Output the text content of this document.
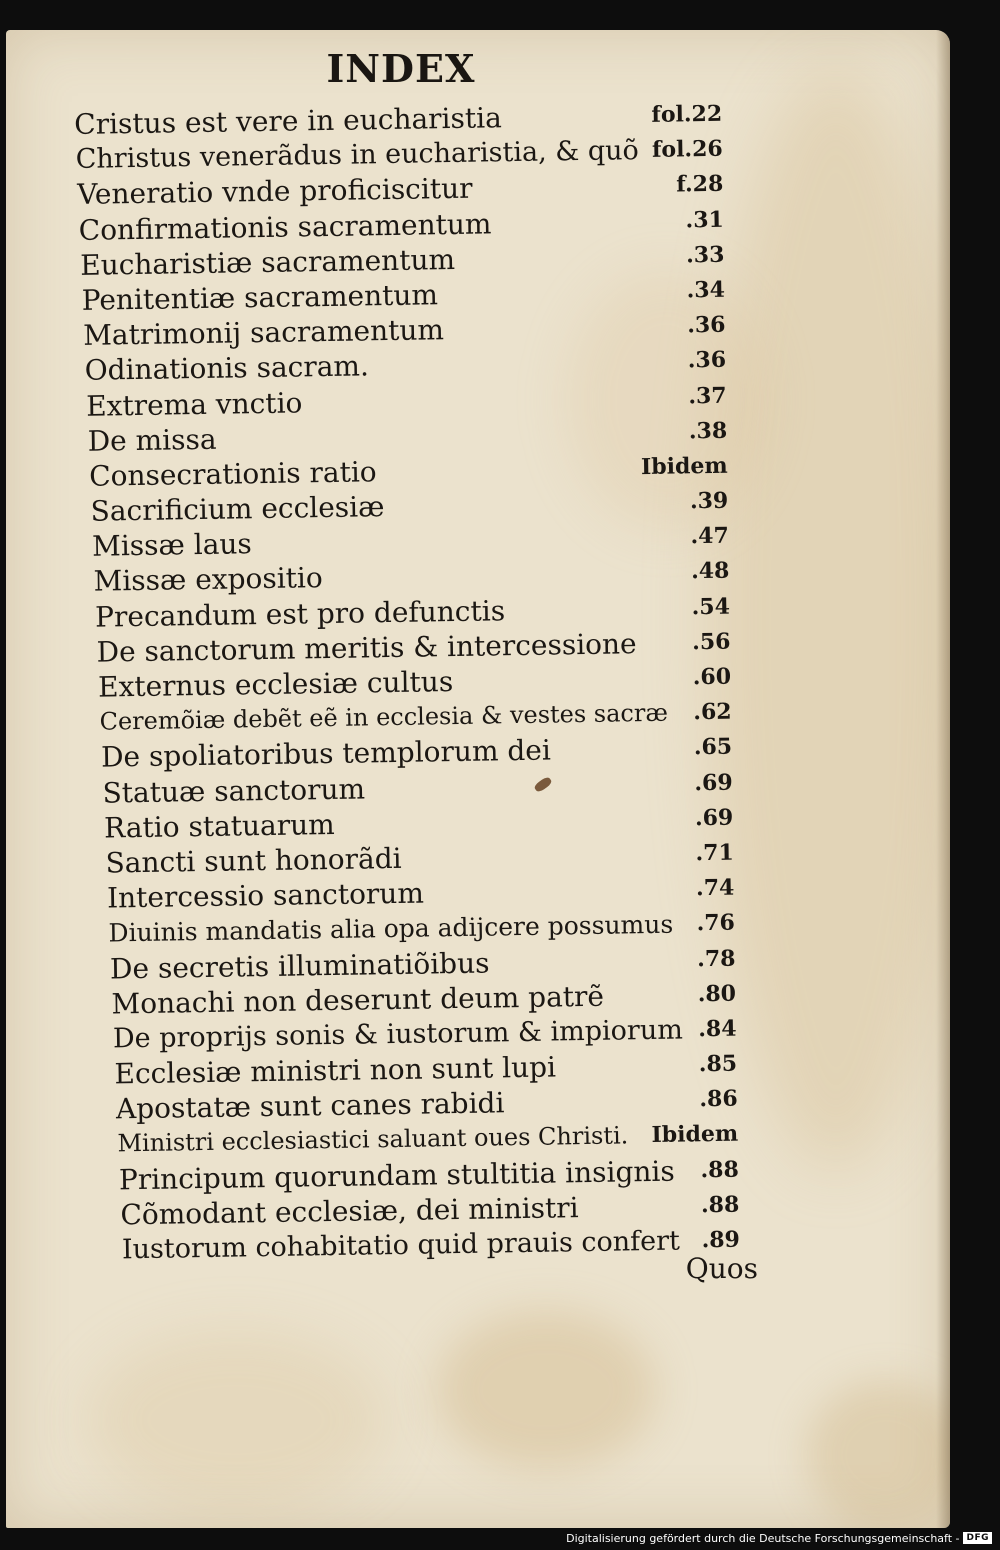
INDEX
Cristus est vere in eucharistia	fol.22
Christus venerãdus in eucharistia, & quõ fol.26
Veneratio vnde proficiscitur	f.28
Confirmationis sacramentum	.31
Eucharistiæ sacramentum	.33
Penitentiæ sacramentum	.34
Matrimonij sacramentum	.36
Odinationis sacram.	.36
Extrema vnctio	.37
De missa	.38
Consecrationis ratio	Ibidem
Sacrificium ecclesiæ	.39
Missæ laus	.47
Missæ expositio	.48
Precandum est pro defunctis	.54
De sanctorum meritis & intercessione	.56
Externus ecclesiæ cultus	.60
Ceremõiæ debẽt eẽ in ecclesia & vestes sacræ .62
De spoliatoribus templorum dei	.65
Statuæ sanctorum	.69
Ratio statuarum	.69
Sancti sunt honorãdi	.71
Intercessio sanctorum	.74
Diuinis mandatis alia opa adijcere possumus .76
De secretis illuminatiõibus	.78
Monachi non deserunt deum patrẽ	.80
De proprijs sonis & iustorum & impiorum .84
Ecclesiæ ministri non sunt lupi	.85
Apostatæ sunt canes rabidi	.86
Ministri ecclesiastici saluant oues Christi. Ibidem
Principum quorundam stultitia insignis .88
Cõmodant ecclesiæ, dei ministri	.88
Iustorum cohabitatio quid prauis confert .89
Quos
Digitalisierung gefördert durch die Deutsche Forschungsgemeinschaft - DFG
